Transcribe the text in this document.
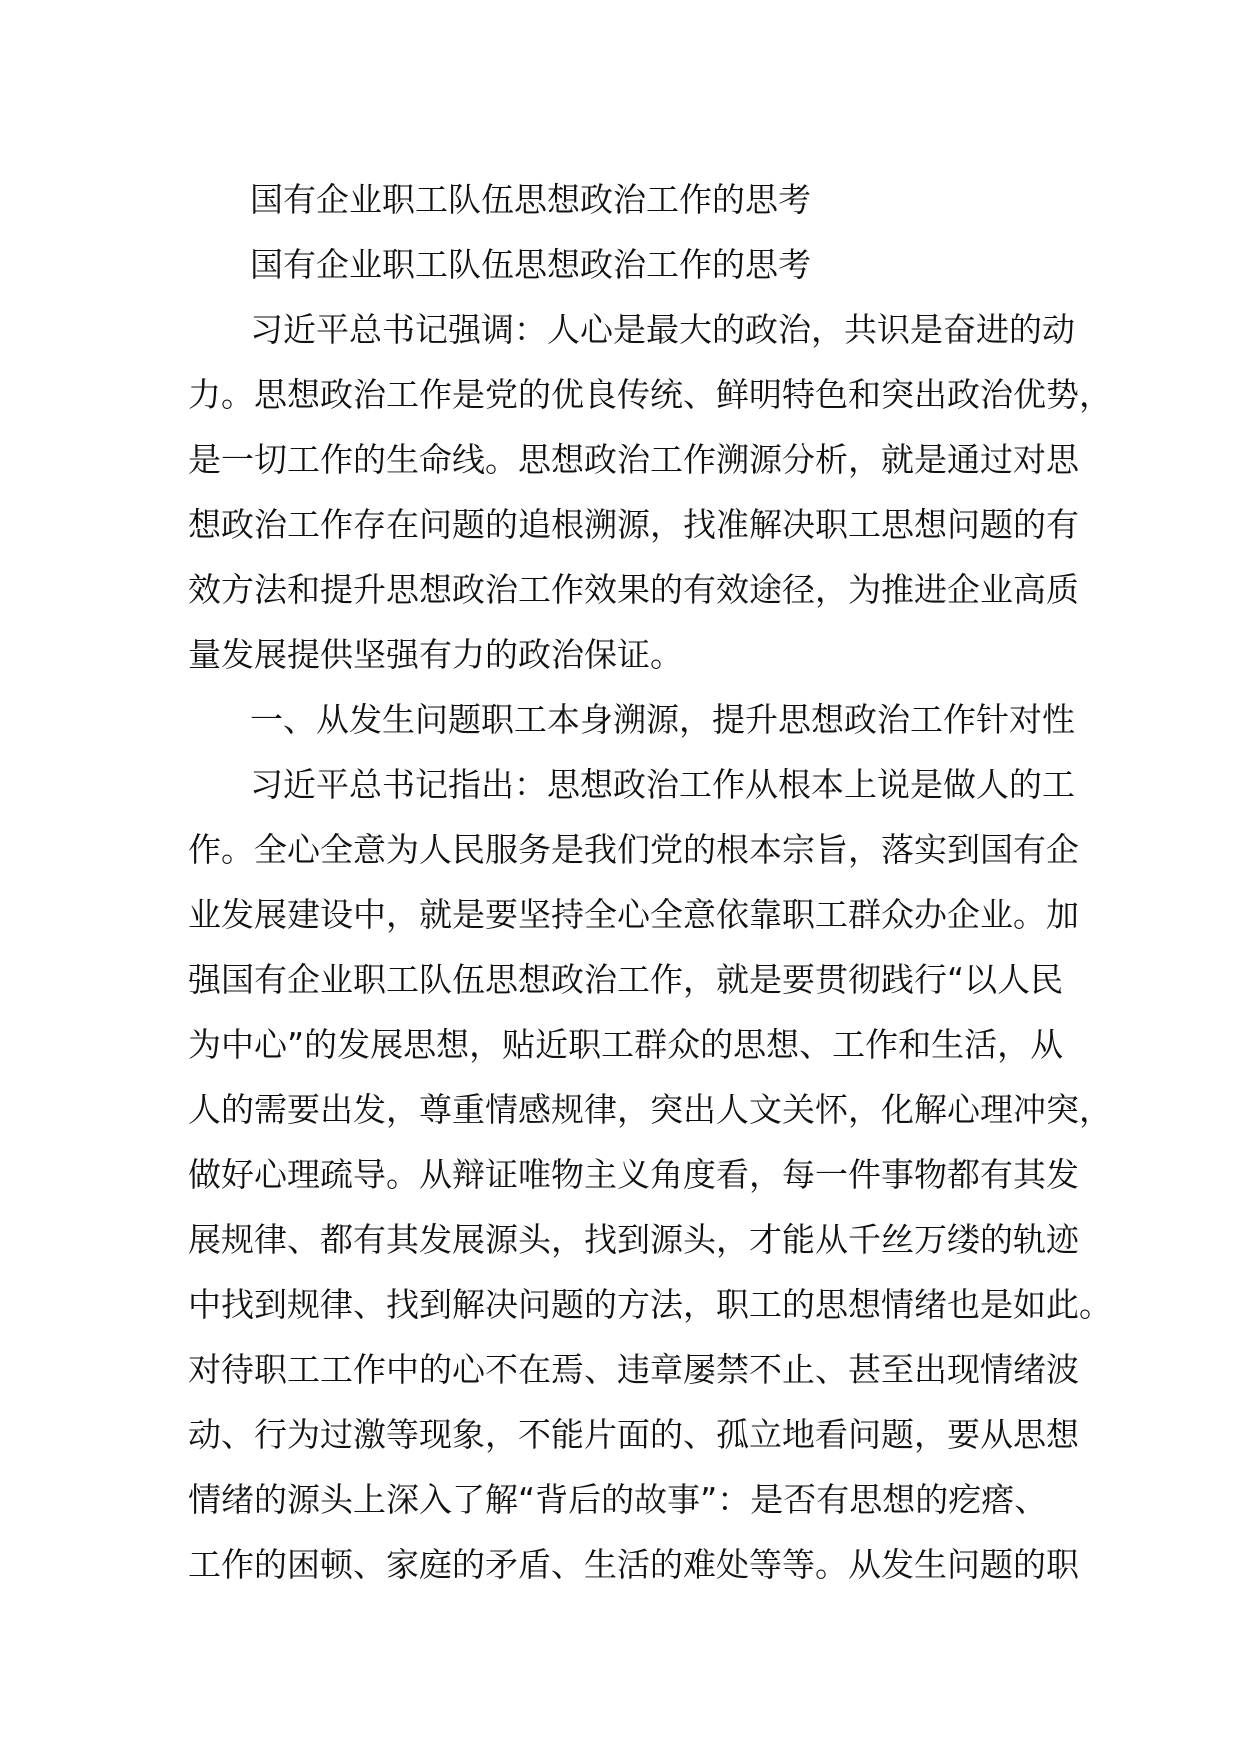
国有企业职工队伍思想政治工作的思考
国有企业职工队伍思想政治工作的思考
习近平总书记强调：人心是最大的政治，共识是奋进的动
力。思想政治工作是党的优良传统、鲜明特色和突出政治优势，
是一切工作的生命线。思想政治工作溯源分析，就是通过对思
想政治工作存在问题的追根溯源，找准解决职工思想问题的有
效方法和提升思想政治工作效果的有效途径，为推进企业高质
量发展提供坚强有力的政治保证。
一、从发生问题职工本身溯源，提升思想政治工作针对性
习近平总书记指出：思想政治工作从根本上说是做人的工
作。全心全意为人民服务是我们党的根本宗旨，落实到国有企
业发展建设中，就是要坚持全心全意依靠职工群众办企业。加
强国有企业职工队伍思想政治工作，就是要贯彻践行“以人民
为中心”的发展思想，贴近职工群众的思想、工作和生活，从
人的需要出发，尊重情感规律，突出人文关怀，化解心理冲突，
做好心理疏导。从辩证唯物主义角度看，每一件事物都有其发
展规律、都有其发展源头，找到源头，才能从千丝万缕的轨迹
中找到规律、找到解决问题的方法，职工的思想情绪也是如此。
对待职工工作中的心不在焉、违章屡禁不止、甚至出现情绪波
动、行为过激等现象，不能片面的、孤立地看问题，要从思想
情绪的源头上深入了解“背后的故事”：是否有思想的疙瘩、
工作的困顿、家庭的矛盾、生活的难处等等。从发生问题的职
